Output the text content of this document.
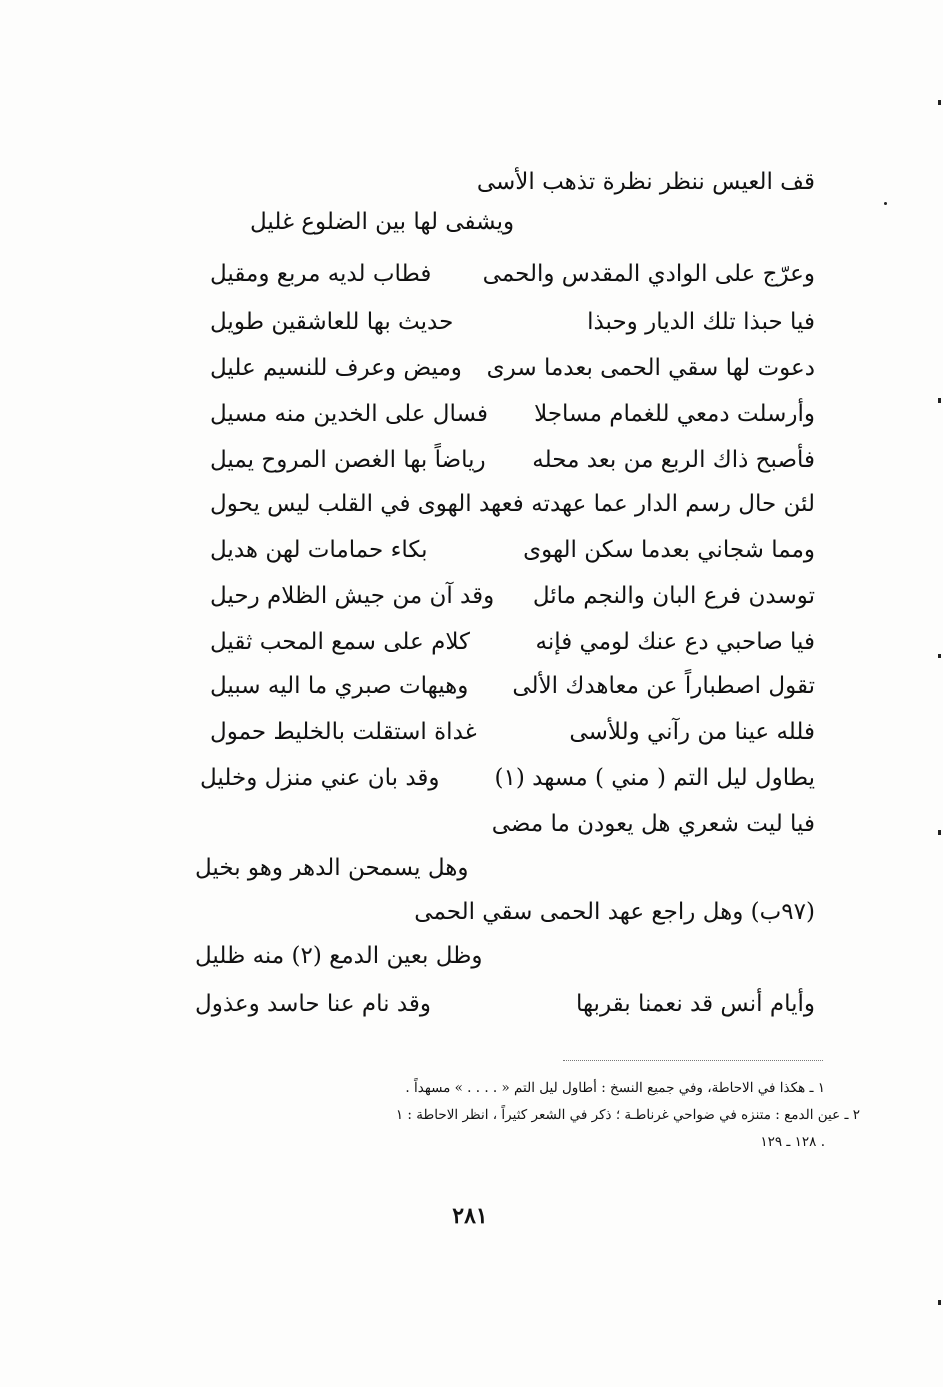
قف العيس ننظر نظرة تذهب الأسى
ويشفى لها بين الضلوع غليل
وعرّج على الوادي المقدس والحمى
فطاب لديه مربع ومقيل
فيا حبذا تلك الديار وحبذا
حديث بها للعاشقين طويل
دعوت لها سقي الحمى بعدما سرى
وميض وعرف للنسيم عليل
وأرسلت دمعي للغمام مساجلا
فسال على الخدين منه مسيل
فأصبح ذاك الربع من بعد محله
رياضاً بها الغصن المروح يميل
لئن حال رسم الدار عما عهدته
فعهد الهوى في القلب ليس يحول
ومما شجاني بعدما سكن الهوى
بكاء حمامات لهن هديل
توسدن فرع البان والنجم مائل
وقد آن من جيش الظلام رحيل
فيا صاحبي دع عنك لومي فإنه
كلام على سمع المحب ثقيل
تقول اصطباراً عن معاهدك الألى
وهيهات صبري ما اليه سبيل
فلله عينا من رآني وللأسى
غداة استقلت بالخليط حمول
يطاول ليل التم ( مني ) مسهد (١)
وقد بان عني منزل وخليل
فيا ليت شعري هل يعودن ما مضى
وهل يسمحن الدهر وهو بخيل
(٩٧ب) وهل راجع عهد الحمى سقي الحمى
وظل بعين الدمع (٢) منه ظليل
وأيام أنس قد نعمنا بقربها
وقد نام عنا حاسد وعذول
١ ـ هكذا في الاحاطة، وفي جميع النسخ : أطاول ليل التم « . . . . » مسهداً .
٢ ـ عين الدمع : متنزه في ضواحي غرناطـة ؛ ذكر في الشعر كثيراً ، انظر الاحاطة : ١
. ١٢٨ ـ ١٢٩
٢٨١
